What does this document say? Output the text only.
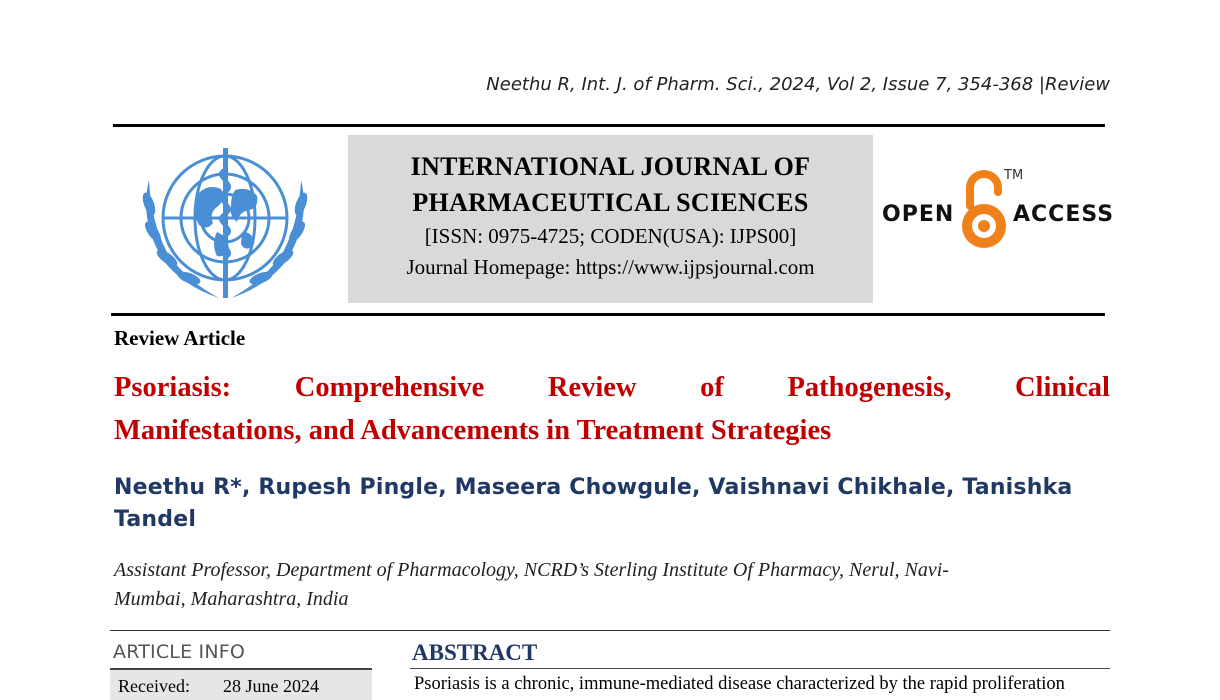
Neethu R, Int. J. of Pharm. Sci., 2024, Vol 2, Issue 7, 354-368 |Review
INTERNATIONAL JOURNAL OF
PHARMACEUTICAL SCIENCES
[ISSN: 0975-4725; CODEN(USA): IJPS00]
Journal Homepage: https://www.ijpsjournal.com
OPEN
TM
ACCESS
Review Article
Psoriasis: Comprehensive Review of Pathogenesis, Clinical
Manifestations, and Advancements in Treatment Strategies
Neethu R*, Rupesh Pingle, Maseera Chowgule, Vaishnavi Chikhale, Tanishka
Tandel
Assistant Professor, Department of Pharmacology, NCRD’s Sterling Institute Of Pharmacy, Nerul, Navi-
Mumbai, Maharashtra, India
ARTICLE INFO
Received: 28 June 2024
ABSTRACT
Psoriasis is a chronic, immune-mediated disease characterized by the rapid proliferation
